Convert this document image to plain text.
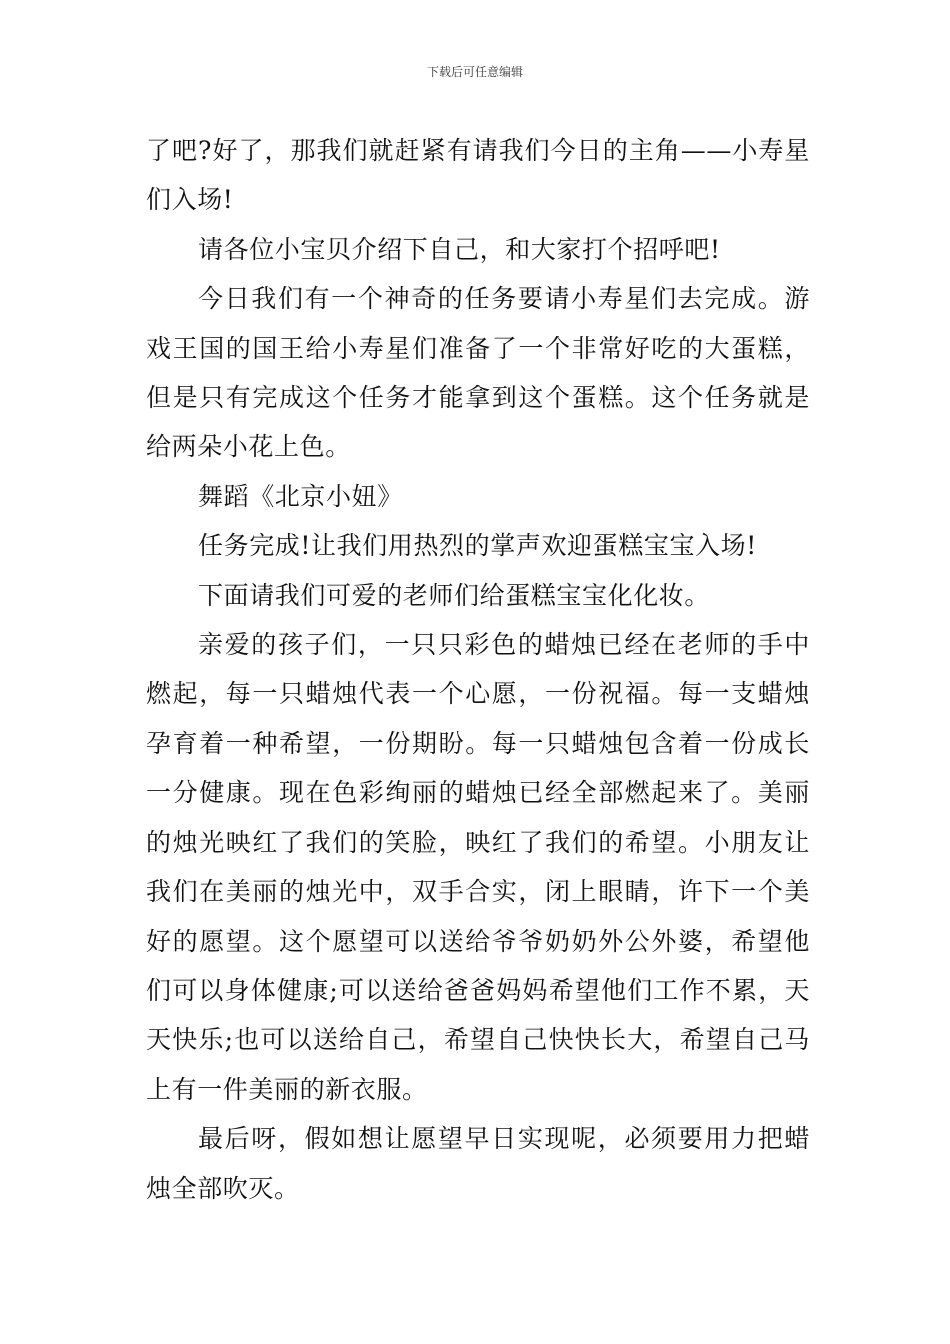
下载后可任意编辑

了吧?好了，那我们就赶紧有请我们今日的主角——小寿星们入场!

请各位小宝贝介绍下自己，和大家打个招呼吧!

今日我们有一个神奇的任务要请小寿星们去完成。游戏王国的国王给小寿星们准备了一个非常好吃的大蛋糕，但是只有完成这个任务才能拿到这个蛋糕。这个任务就是给两朵小花上色。

舞蹈《北京小妞》

任务完成!让我们用热烈的掌声欢迎蛋糕宝宝入场!

下面请我们可爱的老师们给蛋糕宝宝化化妆。

亲爱的孩子们，一只只彩色的蜡烛已经在老师的手中燃起，每一只蜡烛代表一个心愿，一份祝福。每一支蜡烛孕育着一种希望，一份期盼。每一只蜡烛包含着一份成长一分健康。现在色彩绚丽的蜡烛已经全部燃起来了。美丽的烛光映红了我们的笑脸，映红了我们的希望。小朋友让我们在美丽的烛光中，双手合实，闭上眼睛，许下一个美好的愿望。这个愿望可以送给爷爷奶奶外公外婆，希望他们可以身体健康;可以送给爸爸妈妈希望他们工作不累，天天快乐;也可以送给自己，希望自己快快长大，希望自己马上有一件美丽的新衣服。

最后呀，假如想让愿望早日实现呢，必须要用力把蜡烛全部吹灭。
